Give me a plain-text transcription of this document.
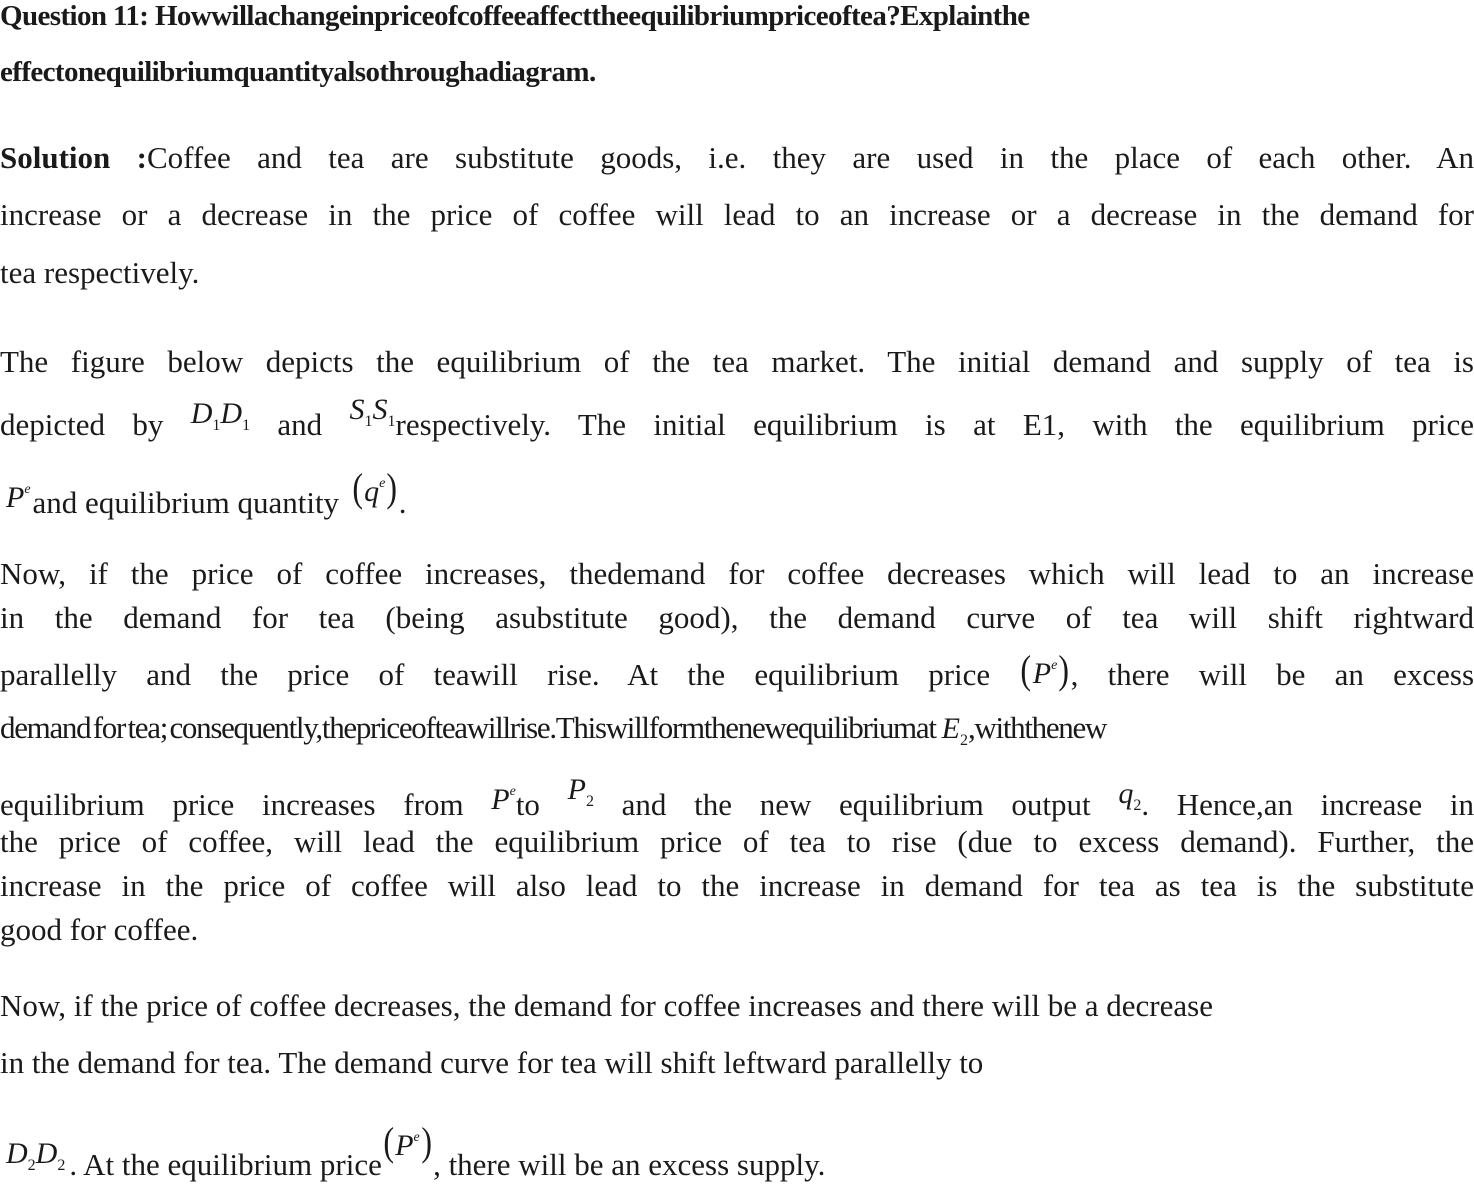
Question 11: Howwillachangeinpriceofcoffeeaffecttheequilibriumpriceoftea?Explainthe
effectonequilibriumquantityalsothroughadiagram.
Solution :Coffee and tea are substitute goods, i.e. they are used in the place of each other. An
increase or a decrease in the price of coffee will lead to an increase or a decrease in the demand for
tea respectively.
The figure below depicts the equilibrium of the tea market. The initial demand and supply of tea is
depicted by $D_1D_1$ and $S_1S_1respectively$. The initial equilibrium is at E1, with the equilibrium price
$P^eand$ equilibrium quantity $(q^e)$.
Now, if the price of coffee increases, thedemand for coffee decreases which will lead to an increase
in the demand for tea (being asubstitute good), the demand curve of tea will shift rightward
parallelly and the price of teawill rise. At the equilibrium price $(P^e)$, there will be an excess
demand for tea; consequently,thepriceofteawillrise.Thiswillformthenewequilibriumat $E_2,withthenew$
equilibrium price increases from $P^eto$ $P_2$ and the new equilibrium output $q_2$. Hence,an increase in
the price of coffee, will lead the equilibrium price of tea to rise (due to excess demand). Further, the
increase in the price of coffee will also lead to the increase in demand for tea as tea is the substitute
good for coffee.
Now, if the price of coffee decreases, the demand for coffee increases and there will be a decrease
in the demand for tea. The demand curve for tea will shift leftward parallelly to
$D_2D_2$ . At the equilibrium $price(P^e)$, there will be an excess supply.
